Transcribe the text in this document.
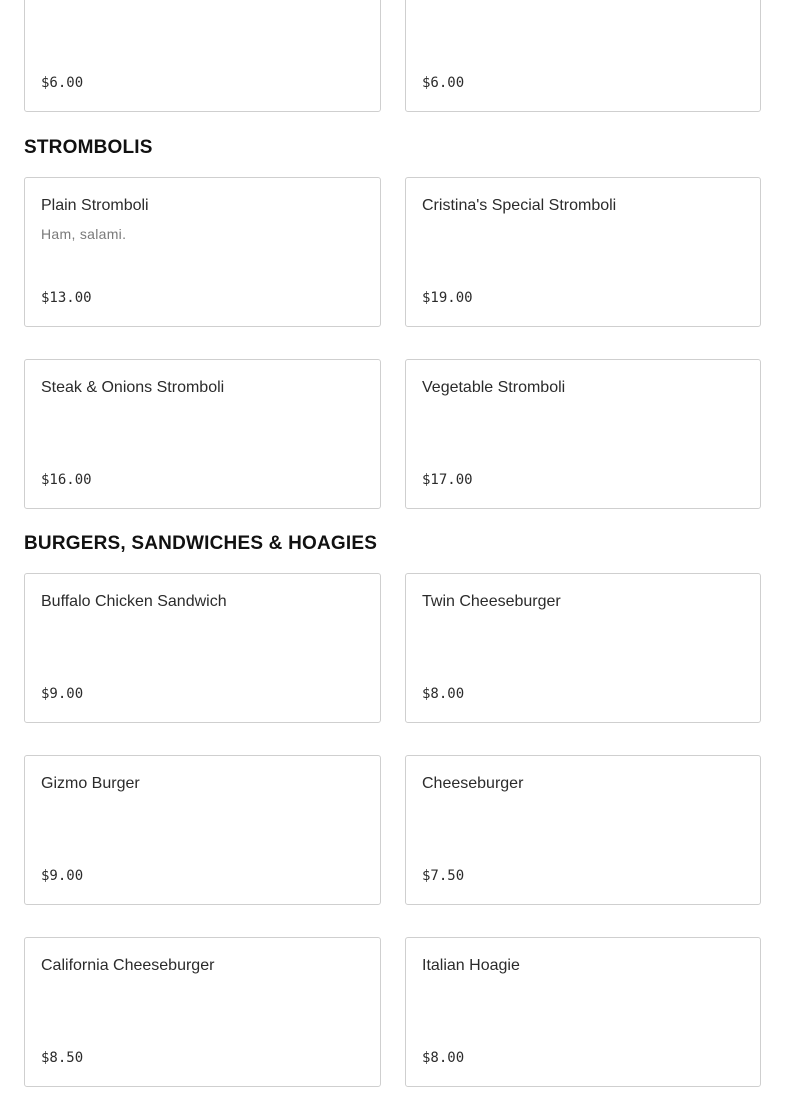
$6.00	$6.00
STROMBOLIS
Plain Stromboli
Ham, salami.
$13.00
Cristina's Special Stromboli
$19.00
Steak & Onions Stromboli
$16.00
Vegetable Stromboli
$17.00
BURGERS, SANDWICHES & HOAGIES
Buffalo Chicken Sandwich
$9.00
Twin Cheeseburger
$8.00
Gizmo Burger
$9.00
Cheeseburger
$7.50
California Cheeseburger
$8.50
Italian Hoagie
$8.00
